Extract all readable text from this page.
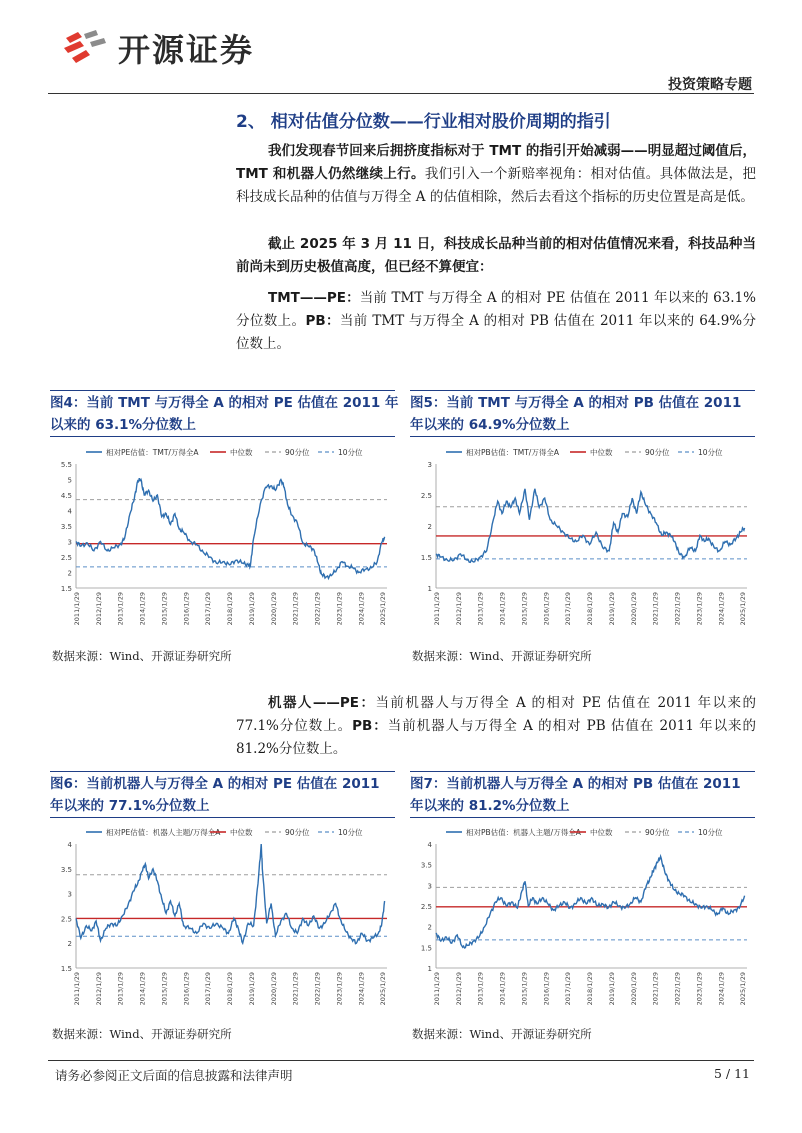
开源证券
投资策略专题
2、 相对估值分位数——行业相对股价周期的指引
我们发现春节回来后拥挤度指标对于 TMT 的指引开始减弱——明显超过阈值后，TMT 和机器人仍然继续上行。我们引入一个新赔率视角：相对估值。具体做法是，把科技成长品种的估值与万得全 A 的估值相除，然后去看这个指标的历史位置是高是低。
截止 2025 年 3 月 11 日，科技成长品种当前的相对估值情况来看，科技品种当前尚未到历史极值高度，但已经不算便宜：
TMT——PE：当前 TMT 与万得全 A 的相对 PE 估值在 2011 年以来的 63.1%分位数上。PB：当前 TMT 与万得全 A 的相对 PB 估值在 2011 年以来的 64.9%分位数上。
图4：当前 TMT 与万得全 A 的相对 PE 估值在 2011 年以来的 63.1%分位数上
相对PE估值：TMT/万得全A	中位数	90分位	10分位
1.5
2
2.5
3
3.5
4
4.5
5
5.5
2011/1/29 2012/1/29 2013/1/29 2014/1/29 2015/1/29 2016/1/29 2017/1/29 2018/1/29 2019/1/29 2020/1/29 2021/1/29 2022/1/29 2023/1/29 2024/1/29 2025/1/29
数据来源：Wind、开源证券研究所
图5：当前 TMT 与万得全 A 的相对 PB 估值在 2011 年以来的 64.9%分位数上
相对PB估值：TMT/万得全A	中位数	90分位	10分位
1
1.5
2
2.5
3
2011/1/29 2012/1/29 2013/1/29 2014/1/29 2015/1/29 2016/1/29 2017/1/29 2018/1/29 2019/1/29 2020/1/29 2021/1/29 2022/1/29 2023/1/29 2024/1/29 2025/1/29
数据来源：Wind、开源证券研究所
机器人——PE：当前机器人与万得全 A 的相对 PE 估值在 2011 年以来的 77.1%分位数上。PB：当前机器人与万得全 A 的相对 PB 估值在 2011 年以来的 81.2%分位数上。
图6：当前机器人与万得全 A 的相对 PE 估值在 2011 年以来的 77.1%分位数上
相对PE估值：机器人主题/万得全A 中位数	90分位	10分位
1.5
2
2.5
3
3.5
4
2011/1/29 2012/1/29 2013/1/29 2014/1/29 2015/1/29 2016/1/29 2017/1/29 2018/1/29 2019/1/29 2020/1/29 2021/1/29 2022/1/29 2023/1/29 2024/1/29 2025/1/29
数据来源：Wind、开源证券研究所
图7：当前机器人与万得全 A 的相对 PB 估值在 2011 年以来的 81.2%分位数上
相对PB估值：机器人主题/万得全A 中位数	90分位	10分位
1
1.5
2
2.5
3
3.5
4
2011/1/29 2012/1/29 2013/1/29 2014/1/29 2015/1/29 2016/1/29 2017/1/29 2018/1/29 2019/1/29 2020/1/29 2021/1/29 2022/1/29 2023/1/29 2024/1/29 2025/1/29
数据来源：Wind、开源证券研究所
请务必参阅正文后面的信息披露和法律声明	5 / 11
